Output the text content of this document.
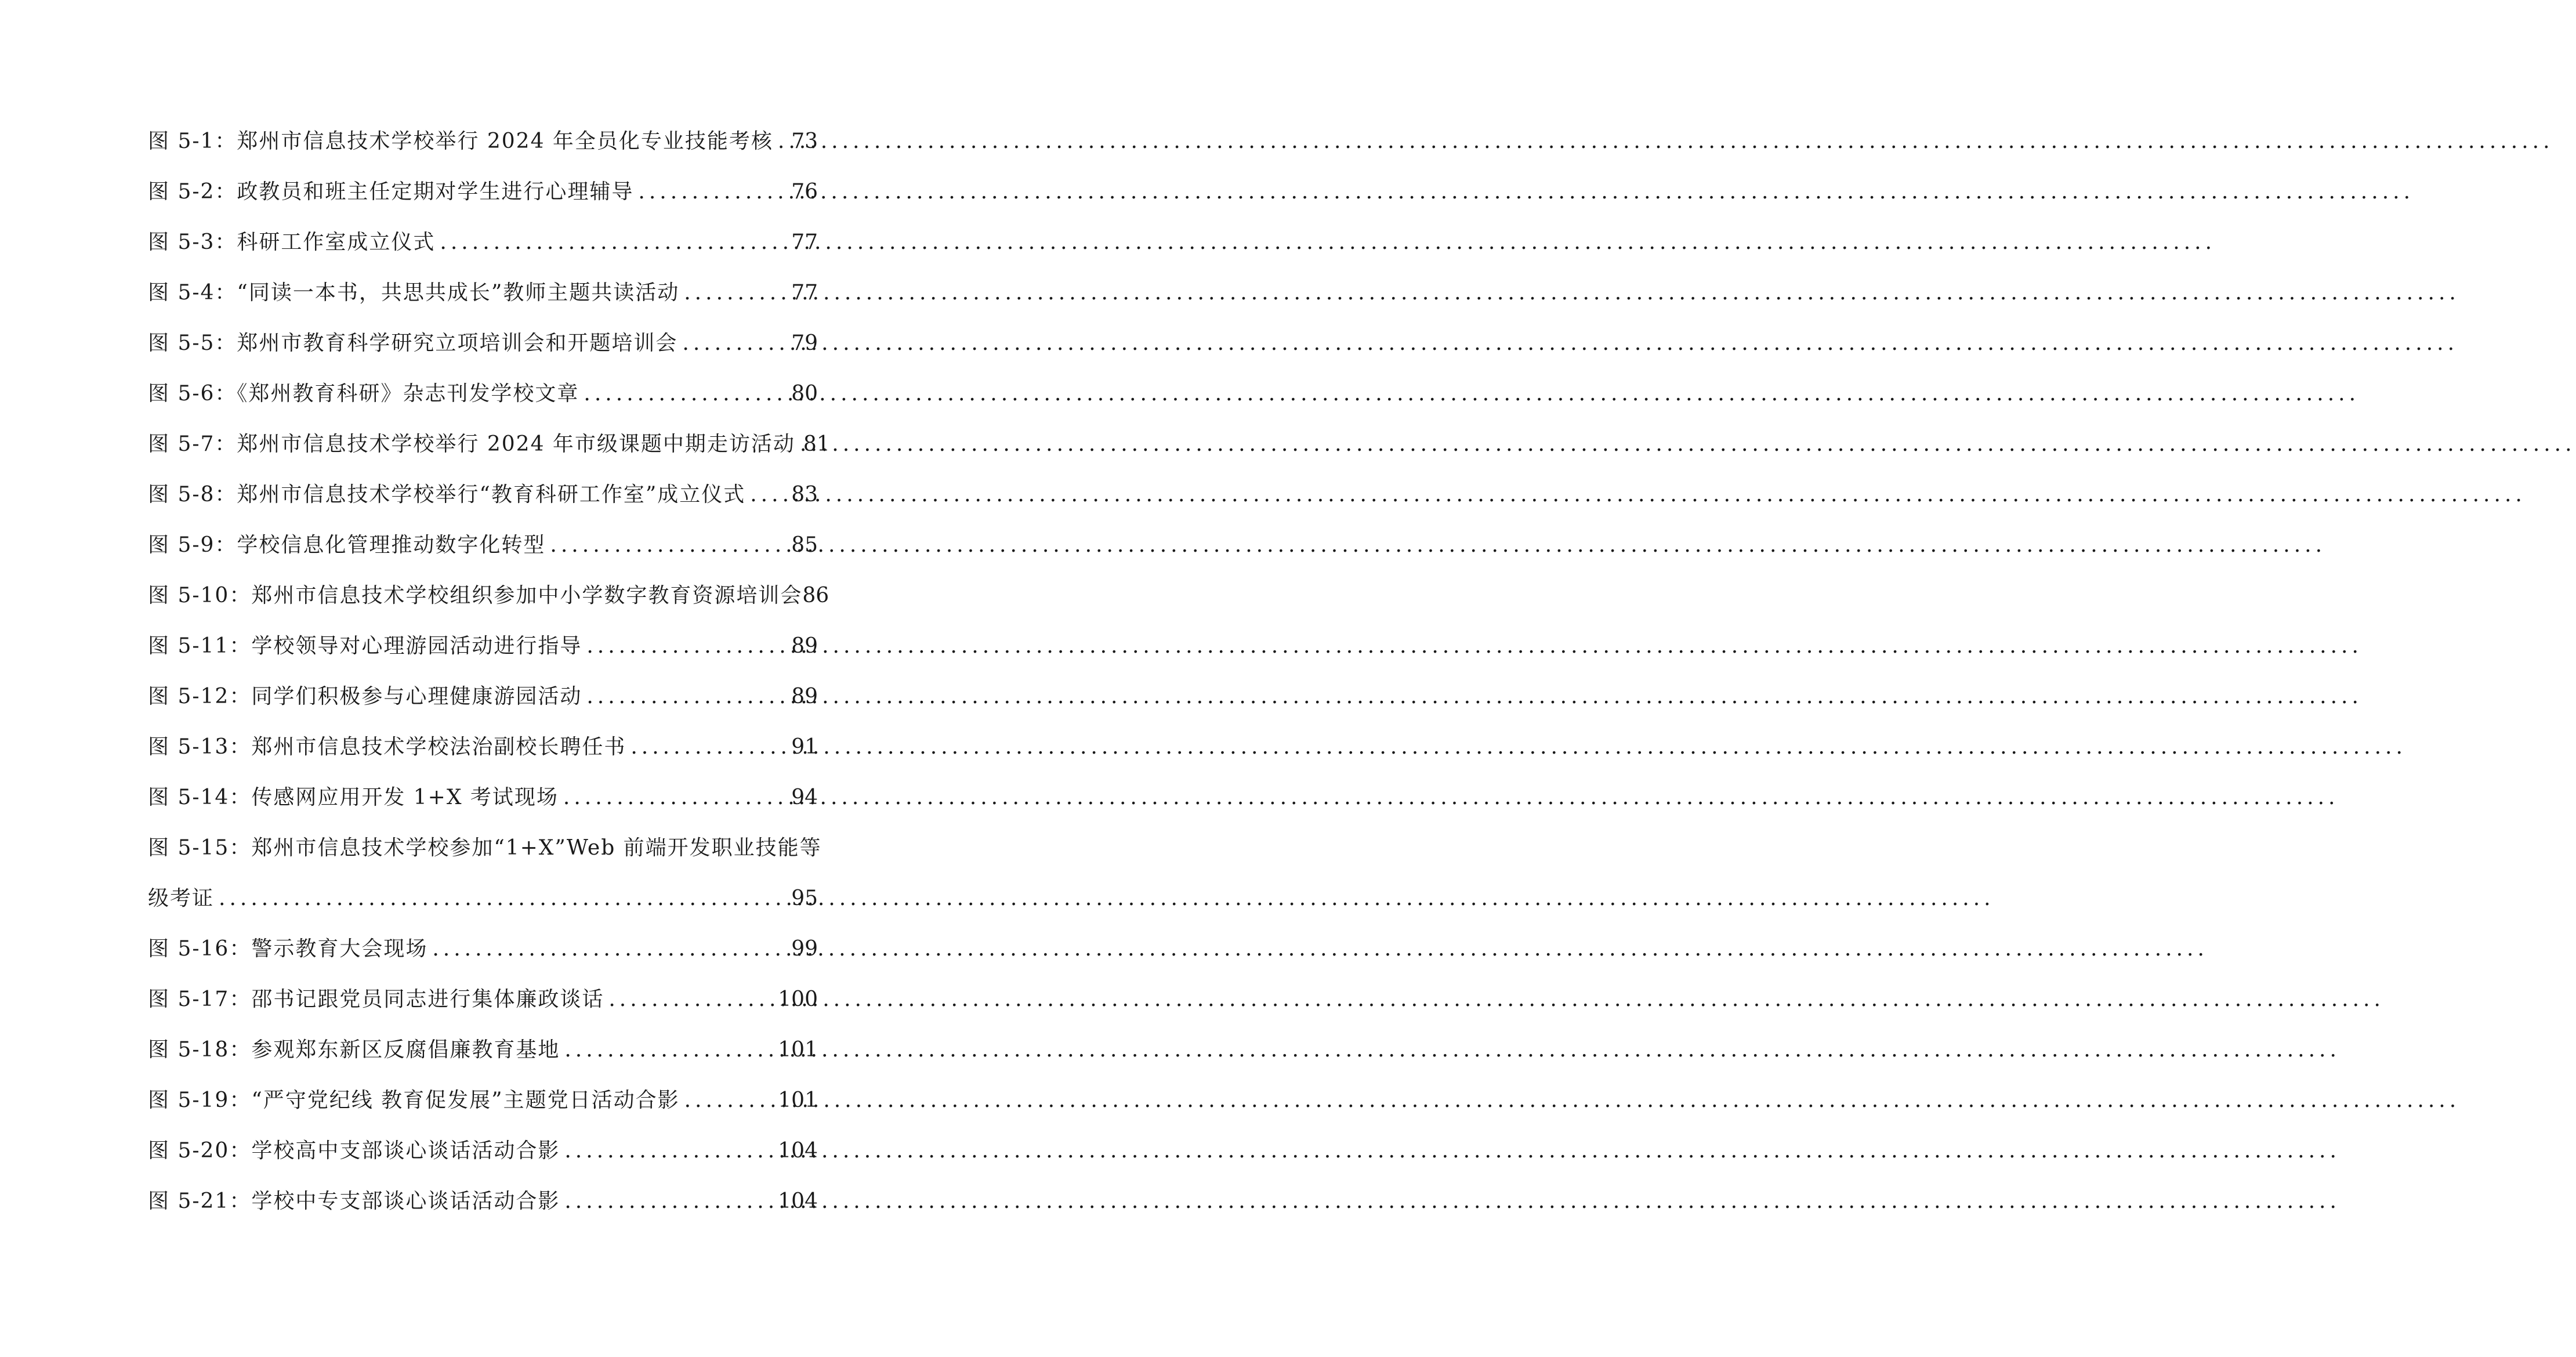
图 5-1：郑州市信息技术学校举行 2024 年全员化专业技能考核 ..... 73
图 5-2：政教员和班主任定期对学生进行心理辅导 .....	76
图 5-3：科研工作室成立仪式 .....	77
图 5-4：“同读一本书，共思共成长”教师主题共读活动 .....	77
图 5-5：郑州市教育科学研究立项培训会和开题培训会 .....	79
图 5-6：《郑州教育科研》杂志刊发学校文章 .....	80
图 5-7：郑州市信息技术学校举行 2024 年市级课题中期走访活动 81
图 5-8：郑州市信息技术学校举行“教育科研工作室”成立仪式 ..... 83
图 5-9：学校信息化管理推动数字化转型 .....	85
图 5-10：郑州市信息技术学校组织参加中小学数字教育资源培训会 86
图 5-11：学校领导对心理游园活动进行指导 .....	89
图 5-12：同学们积极参与心理健康游园活动 .....	89
图 5-13：郑州市信息技术学校法治副校长聘任书 .....	91
图 5-14：传感网应用开发 1+X 考试现场 .....	94
图 5-15：郑州市信息技术学校参加“1+X”Web 前端开发职业技能等
级考证 .....	95
图 5-16：警示教育大会现场 .....	99
图 5-17：邵书记跟党员同志进行集体廉政谈话 .....	100
图 5-18：参观郑东新区反腐倡廉教育基地 .....	101
图 5-19：“严守党纪线 教育促发展”主题党日活动合影 .....	101
图 5-20：学校高中支部谈心谈话活动合影 .....	104
图 5-21：学校中专支部谈心谈话活动合影 .....	104
